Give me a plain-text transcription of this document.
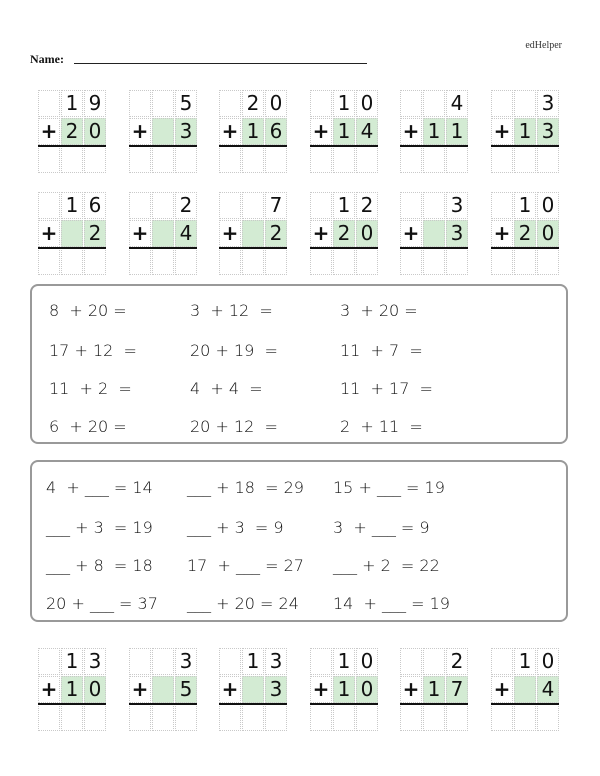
edHelper
Name:
1 9
+ 2 0
5
+ 3
2 0
+ 1 6
1 0
+ 1 4
4
+ 1 1
3
+ 1 3
1 6
+ 2
2
+ 4
7
+ 2
1 2
+ 2 0
3
+ 3
1 0
+ 2 0
8  + 20 =	3  + 12  =	3  + 20 =
17 + 12  =	20 + 19  =	11  + 7  =
11  + 2  =	4  + 4  =	11  + 17  =
6  + 20 =	20 + 12  =	2  + 11  =
4  + ___ = 14 ___ + 18  = 29 15 + ___ = 19
___ + 3  = 19 ___ + 3  = 9	3  + ___ = 9
___ + 8  = 18 17  + ___ = 27 ___ + 2  = 22
20 + ___ = 37 ___ + 20 = 24 14  + ___ = 19
1 3
+ 1 0
3
+ 5
1 3
+ 3
1 0
+ 1 0
2
+ 1 7
1 0
+ 4
